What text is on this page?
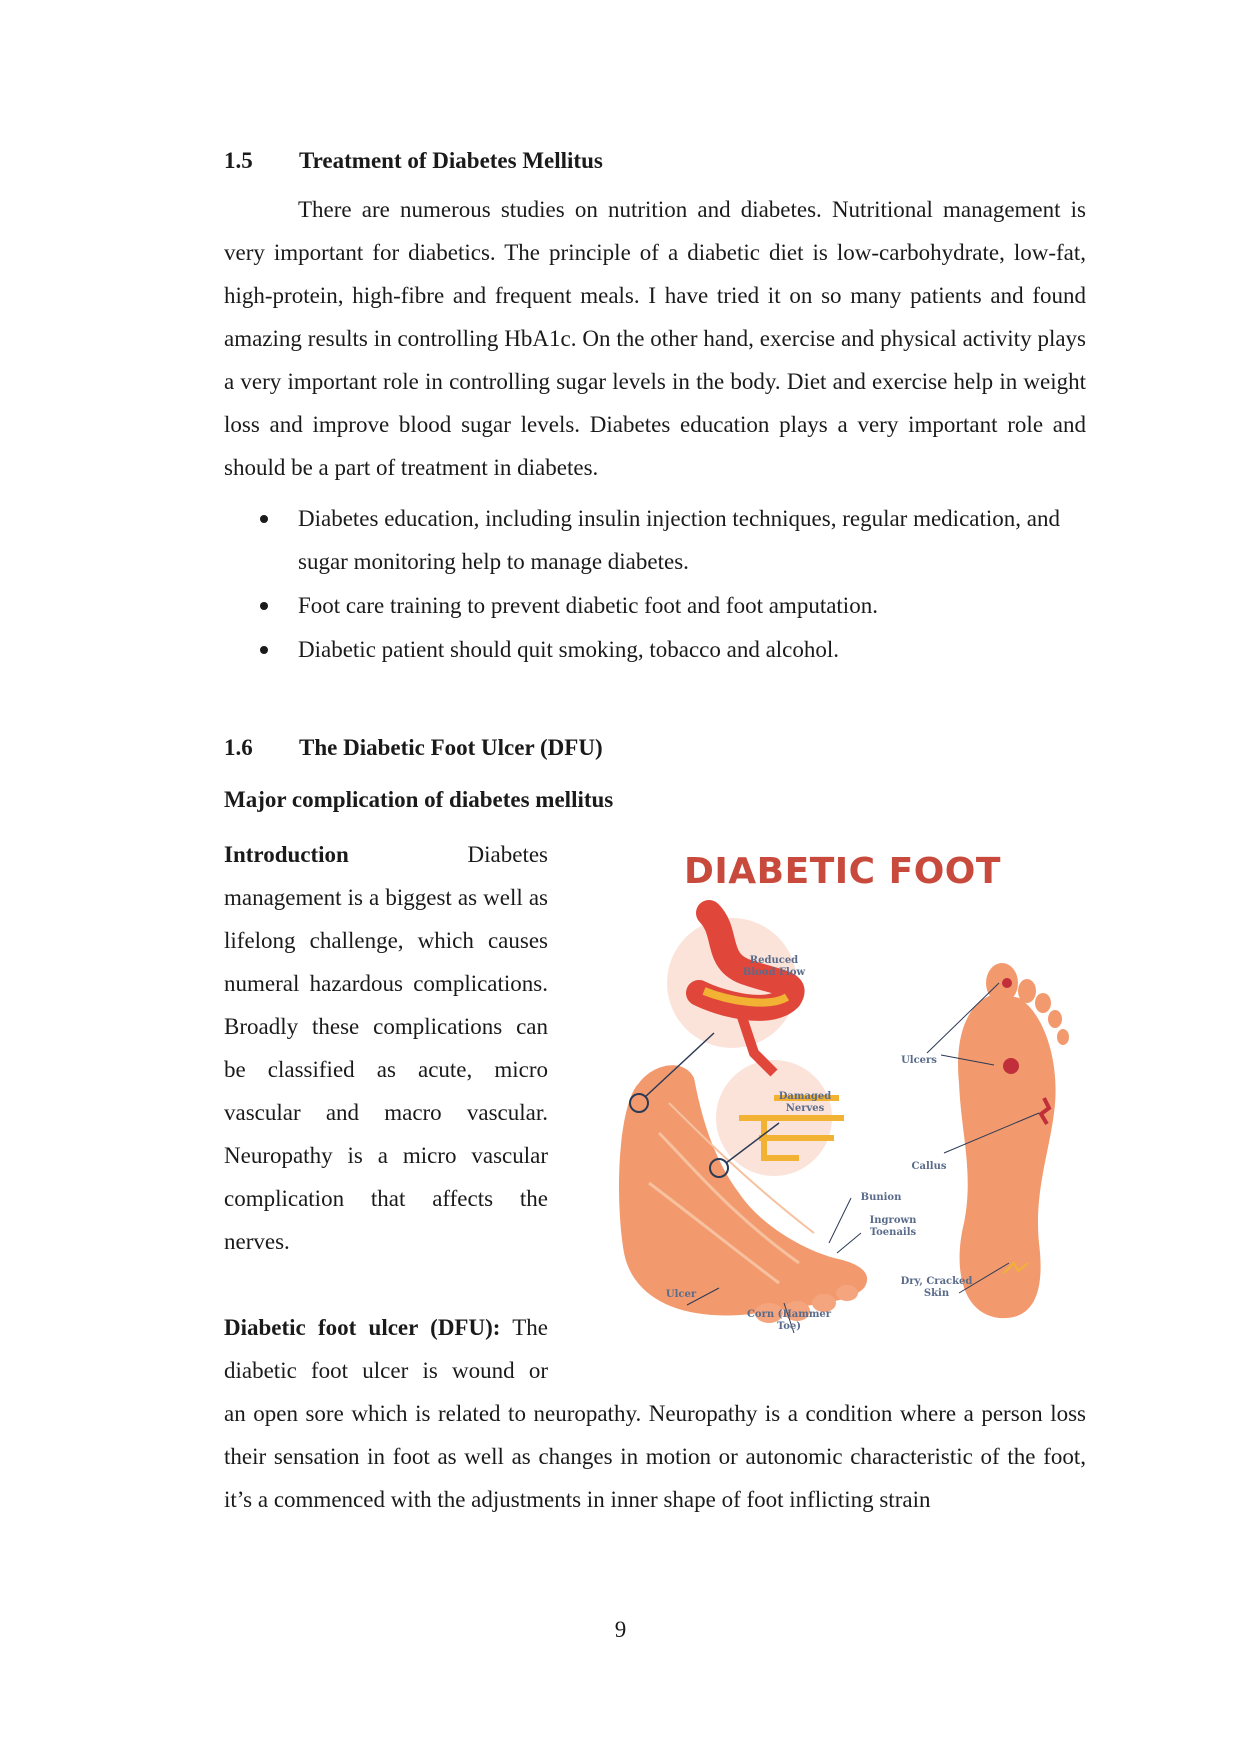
1.5	Treatment of Diabetes Mellitus

There are numerous studies on nutrition and diabetes. Nutritional management is very important for diabetics. The principle of a diabetic diet is low-carbohydrate, low-fat, high-protein, high-fibre and frequent meals. I have tried it on so many patients and found amazing results in controlling HbA1c. On the other hand, exercise and physical activity plays a very important role in controlling sugar levels in the body. Diet and exercise help in weight loss and improve blood sugar levels. Diabetes education plays a very important role and should be a part of treatment in diabetes.

Diabetes education, including insulin injection techniques, regular medication, and sugar monitoring help to manage diabetes.
Foot care training to prevent diabetic foot and foot amputation.
Diabetic patient should quit smoking, tobacco and alcohol.
1.6	The Diabetic Foot Ulcer (DFU)
Major complication of diabetes mellitus

Introduction	Diabetes management is a biggest as well as lifelong challenge, which causes numeral hazardous complications. Broadly these complications can be classified as acute, micro vascular and macro vascular. Neuropathy is a micro vascular complication that affects the nerves.

Diabetic foot ulcer (DFU): The diabetic foot ulcer is wound or

DIABETIC FOOT
Reduced Blood Flow
Damaged Nerves
Ulcers
Callus
Bunion
Ingrown Toenails
Dry, Cracked Skin
Ulcer
Corn (Hammer Toe)

an open sore which is related to neuropathy. Neuropathy is a condition where a person loss their sensation in foot as well as changes in motion or autonomic characteristic of the foot, it’s a commenced with the adjustments in inner shape of foot inflicting strain

9
